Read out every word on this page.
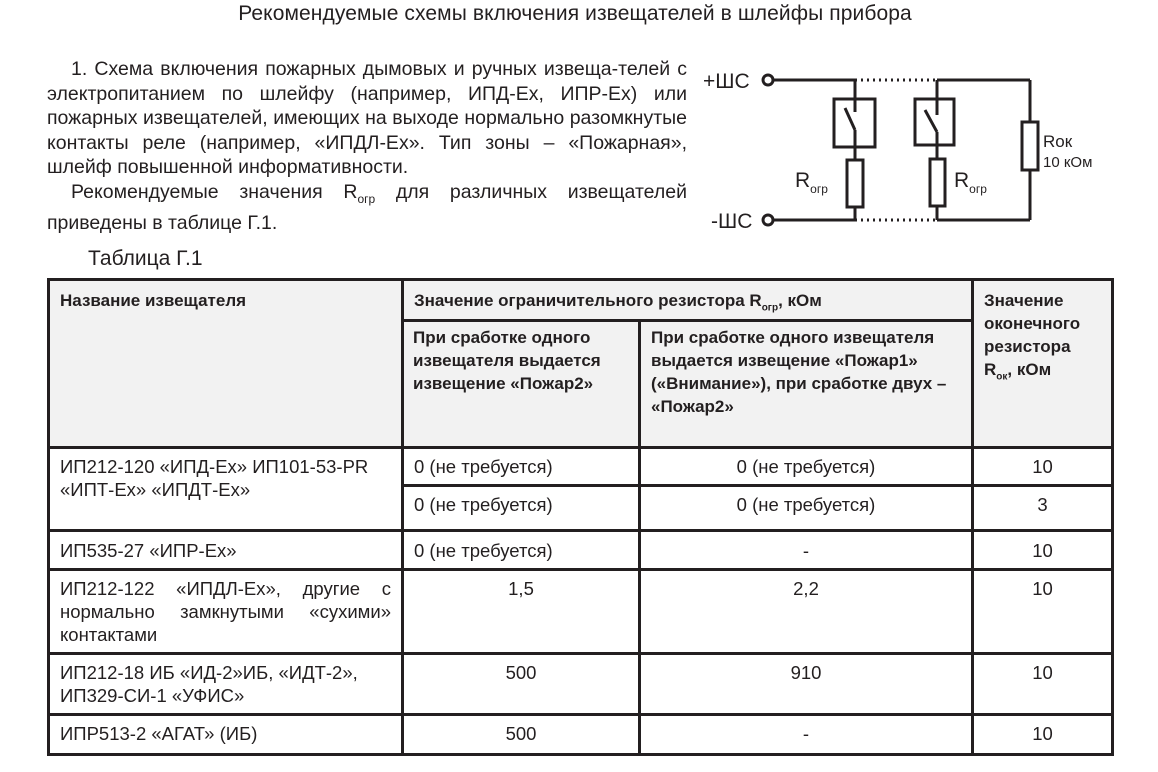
Рекомендуемые схемы включения извещателей в шлейфы прибора

1. Схема включения пожарных дымовых и ручных извеща-телей с электропитанием по шлейфу (например, ИПД-Ex, ИПР-Ex) или пожарных извещателей, имеющих на выходе нормально разомкнутые контакты реле (например, «ИПДЛ-Ex». Тип зоны – «Пожарная», шлейф повышенной информативности.

Рекомендуемые значения $R_{огр}$ для различных извещателей приведены в таблице Г.1.

+ШС
-ШС
$R_{огр}$	$R_{огр}$
Rок
10 кОм
Таблица Г.1
Название извещателя	Значение ограничительного резистора $R_{огр}$, кОм		Значение оконечного резистора $R_{ок}$, кОм
	При сработке одного извещателя выдается извещение «Пожар2»	При сработке одного извещателя выдается извещение «Пожар1» («Внимание»), при сработке двух – «Пожар2»	
ИП212-120 «ИПД-Ex» ИП101-53-PR «ИПТ-Ex» «ИПДТ-Ex»	0 (не требуется)	0 (не требуется)	10
	0 (не требуется)	0 (не требуется)	3
ИП535-27 «ИПР-Ex»	0 (не требуется)	-	10
ИП212-122 «ИПДЛ-Ex», другие с нормально замкнутыми «сухими» контактами	1,5	2,2	10
ИП212-18 ИБ «ИД-2»ИБ, «ИДТ-2», ИП329-СИ-1 «УФИС»	500	910	10
ИПР513-2 «АГАТ» (ИБ)	500	-	10
